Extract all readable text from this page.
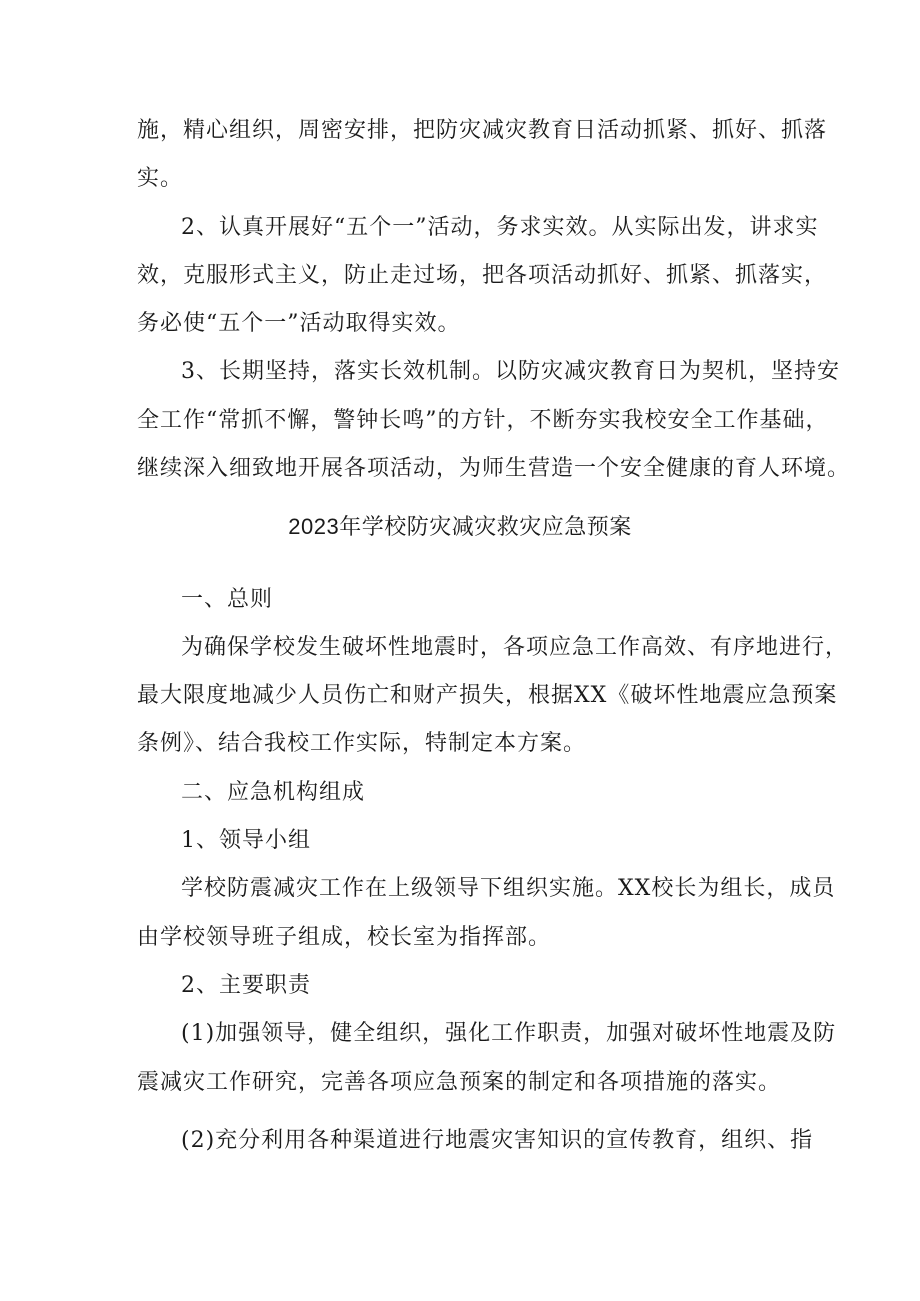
施，精心组织，周密安排，把防灾减灾教育日活动抓紧、抓好、抓落
实。
2、认真开展好“五个一”活动，务求实效。从实际出发，讲求实
效，克服形式主义，防止走过场，把各项活动抓好、抓紧、抓落实，
务必使“五个一”活动取得实效。
3、长期坚持，落实长效机制。以防灾减灾教育日为契机，坚持安
全工作“常抓不懈，警钟长鸣”的方针，不断夯实我校安全工作基础，
继续深入细致地开展各项活动，为师生营造一个安全健康的育人环境。
2023年学校防灾减灾救灾应急预案
一、总则
为确保学校发生破坏性地震时，各项应急工作高效、有序地进行，
最大限度地减少人员伤亡和财产损失，根据XX《破坏性地震应急预案
条例》、结合我校工作实际，特制定本方案。
二、应急机构组成
1、领导小组
学校防震减灾工作在上级领导下组织实施。XX校长为组长，成员
由学校领导班子组成，校长室为指挥部。
2、主要职责
(1)加强领导，健全组织，强化工作职责，加强对破坏性地震及防
震减灾工作研究，完善各项应急预案的制定和各项措施的落实。
(2)充分利用各种渠道进行地震灾害知识的宣传教育，组织、指
